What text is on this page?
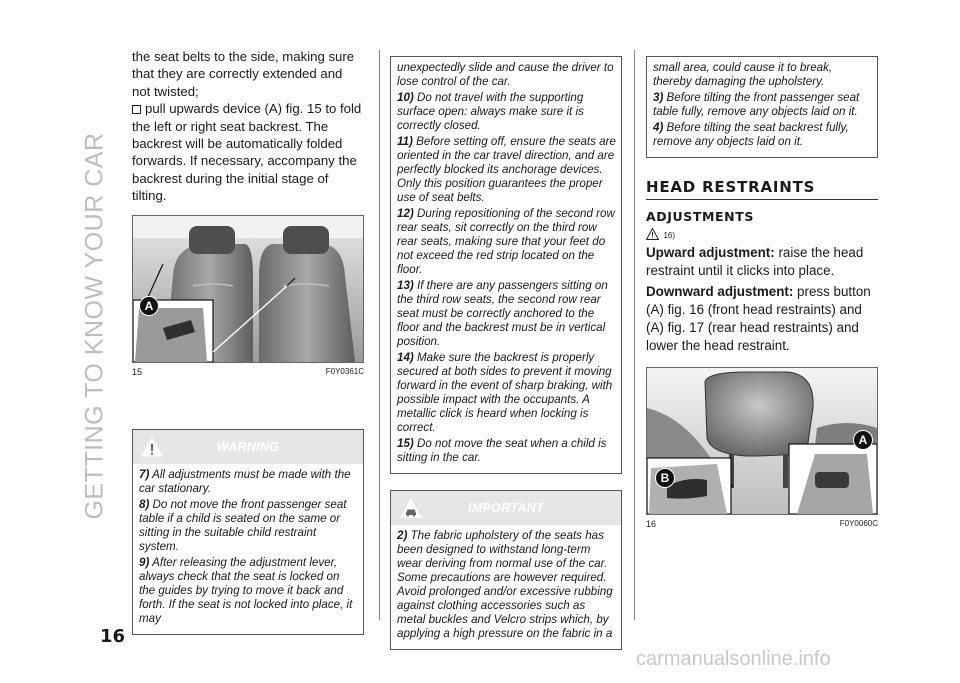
GETTING TO KNOW YOUR CAR

the seat belts to the side, making sure that they are correctly extended and not twisted;

pull upwards device (A) fig. 15 to fold the left or right seat backrest. The backrest will be automatically folded forwards. If necessary, accompany the backrest during the initial stage of tilting.

A
15	F0Y0361C
WARNING

7) All adjustments must be made with the car stationary.

8) Do not move the front passenger seat table if a child is seated on the same or sitting in the suitable child restraint system.

9) After releasing the adjustment lever, always check that the seat is locked on the guides by trying to move it back and forth. If the seat is not locked into place, it may

unexpectedly slide and cause the driver to lose control of the car.

10) Do not travel with the supporting surface open: always make sure it is correctly closed.

11) Before setting off, ensure the seats are oriented in the car travel direction, and are perfectly blocked its anchorage devices. Only this position guarantees the proper use of seat belts.

12) During repositioning of the second row rear seats, sit correctly on the third row rear seats, making sure that your feet do not exceed the red strip located on the floor.

13) If there are any passengers sitting on the third row seats, the second row rear seat must be correctly anchored to the floor and the backrest must be in vertical position.

14) Make sure the backrest is properly secured at both sides to prevent it moving forward in the event of sharp braking, with possible impact with the occupants. A metallic click is heard when locking is correct.

15) Do not move the seat when a child is sitting in the car.

IMPORTANT

2) The fabric upholstery of the seats has been designed to withstand long-term wear deriving from normal use of the car. Some precautions are however required. Avoid prolonged and/or excessive rubbing against clothing accessories such as metal buckles and Velcro strips which, by applying a high pressure on the fabric in a

small area, could cause it to break, thereby damaging the upholstery.

3) Before tilting the front passenger seat table fully, remove any objects laid on it.

4) Before tilting the seat backrest fully, remove any objects laid on it.

HEAD RESTRAINTS

ADJUSTMENTS

16)

Upward adjustment: raise the head restraint until it clicks into place.

Downward adjustment: press button (A) fig. 16 (front head restraints) and (A) fig. 17 (rear head restraints) and lower the head restraint.

B
A
16	F0Y0060C
16
carmanualsonline.info
